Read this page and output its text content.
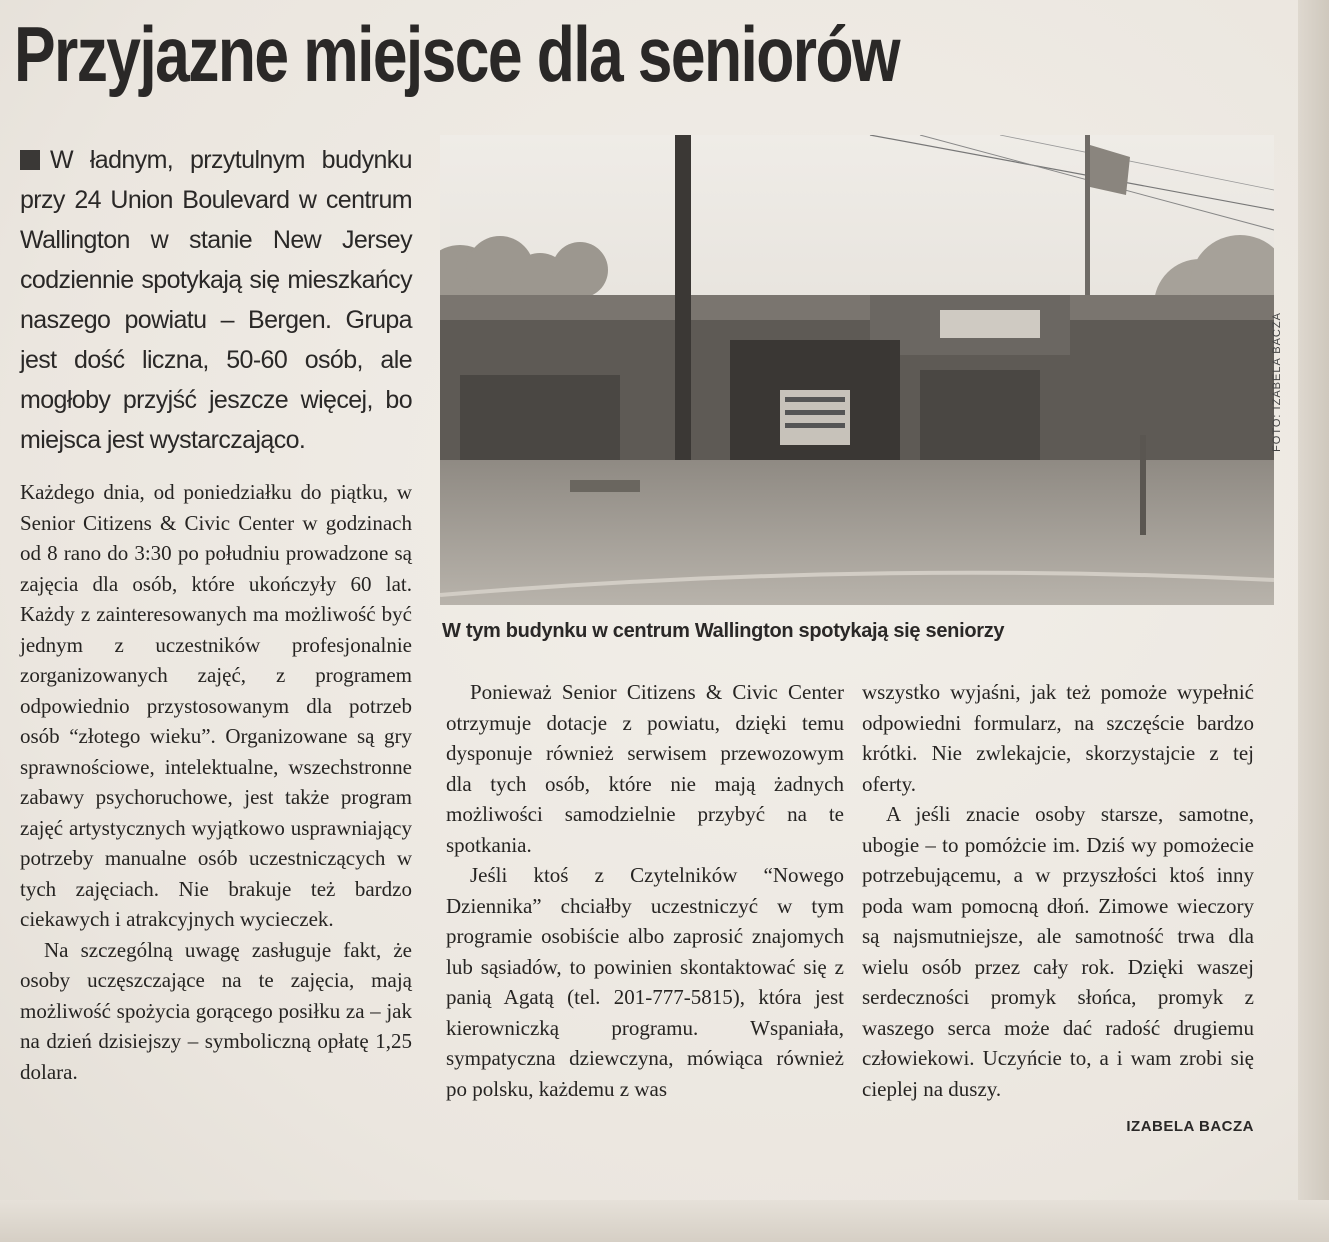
Przyjazne miejsce dla seniorów

W ładnym, przytulnym budynku przy 24 Union Boulevard w centrum Wallington w stanie New Jersey codziennie spotykają się mieszkańcy naszego powiatu – Bergen. Grupa jest dość liczna, 50-60 osób, ale mogłoby przyjść jeszcze więcej, bo miejsca jest wystarczająco.	FOTO: IZABELA BACZA

W tym budynku w centrum Wallington spotykają się seniorzy

Każdego dnia, od poniedziałku do piątku, w Senior Citizens & Civic Center w godzinach od 8 rano do 3:30 po południu prowadzone są zajęcia dla osób, które ukończyły 60 lat. Każdy z zainteresowanych ma możliwość być jednym z uczestników profesjonalnie zorganizowanych zajęć, z programem odpowiednio przystosowanym dla potrzeb osób “złotego wieku”. Organizowane są gry sprawnościowe, intelektualne, wszechstronne zabawy psychoruchowe, jest także program zajęć artystycznych wyjątkowo usprawniający potrzeby manualne osób uczestniczących w tych zajęciach. Nie brakuje też bardzo ciekawych i atrakcyjnych wycieczek.

Na szczególną uwagę zasługuje fakt, że osoby uczęszczające na te zajęcia, mają możliwość spożycia gorącego posiłku za – jak na dzień dzisiejszy – symboliczną opłatę 1,25 dolara.

Ponieważ Senior Citizens & Civic Center otrzymuje dotacje z powiatu, dzięki temu dysponuje również serwisem przewozowym dla tych osób, które nie mają żadnych możliwości samodzielnie przybyć na te spotkania.

Jeśli ktoś z Czytelników “Nowego Dziennika” chciałby uczestniczyć w tym programie osobiście albo zaprosić znajomych lub sąsiadów, to powinien skontaktować się z panią Agatą (tel. 201-777-5815), która jest kierowniczką programu. Wspaniała, sympatyczna dziewczyna, mówiąca również po polsku, każdemu z was

wszystko wyjaśni, jak też pomoże wypełnić odpowiedni formularz, na szczęście bardzo krótki. Nie zwlekajcie, skorzystajcie z tej oferty.

A jeśli znacie osoby starsze, samotne, ubogie – to pomóżcie im. Dziś wy pomożecie potrzebującemu, a w przyszłości ktoś inny poda wam pomocną dłoń. Zimowe wieczory są najsmutniejsze, ale samotność trwa dla wielu osób przez cały rok. Dzięki waszej serdeczności promyk słońca, promyk z waszego serca może dać radość drugiemu człowiekowi. Uczyńcie to, a i wam zrobi się cieplej na duszy.

IZABELA BACZA
